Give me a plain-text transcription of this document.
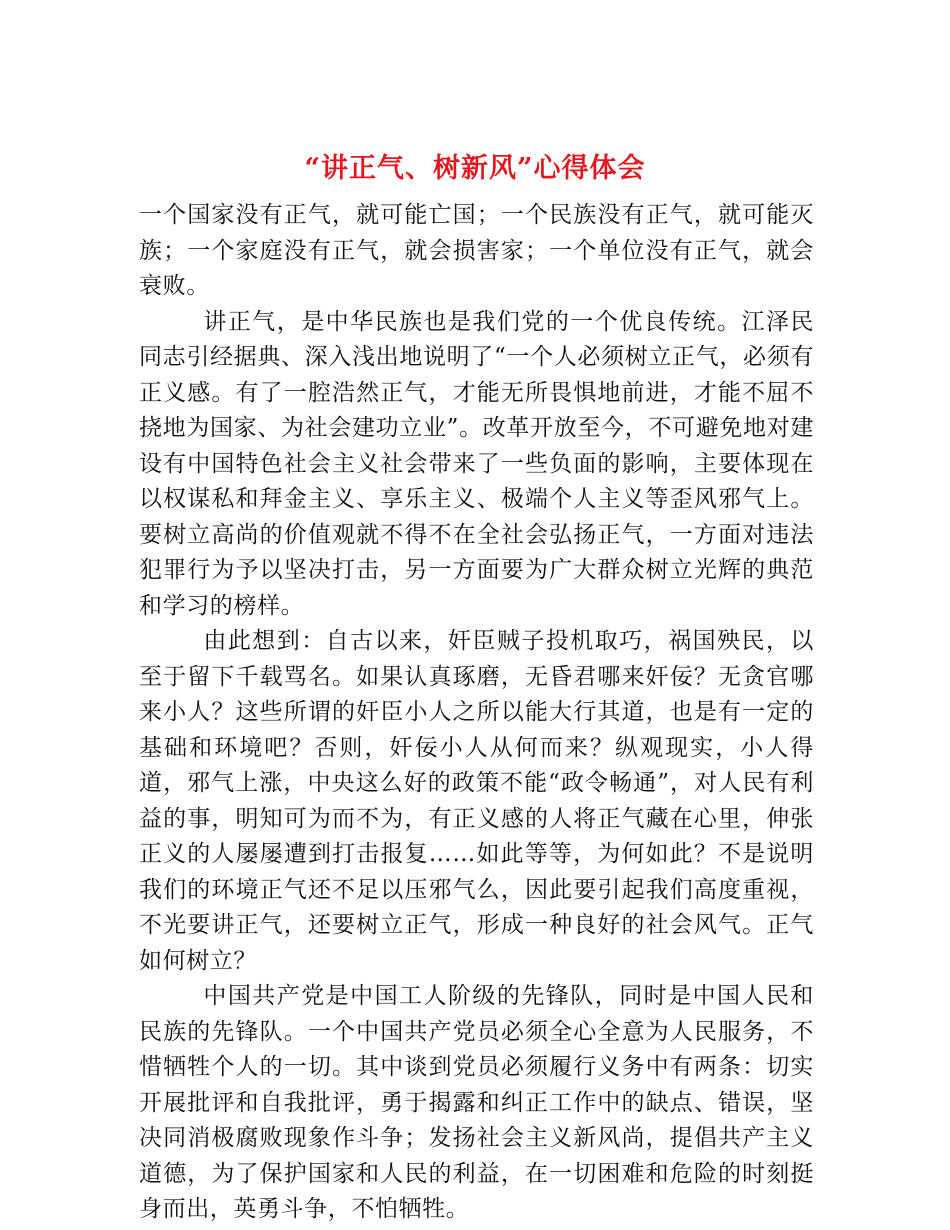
“讲正气、树新风”心得体会

一个国家没有正气，就可能亡国；一个民族没有正气，就可能灭族；一个家庭没有正气，就会损害家；一个单位没有正气，就会衰败。

讲正气，是中华民族也是我们党的一个优良传统。江泽民同志引经据典、深入浅出地说明了“一个人必须树立正气，必须有正义感。有了一腔浩然正气，才能无所畏惧地前进，才能不屈不挠地为国家、为社会建功立业”。改革开放至今，不可避免地对建设有中国特色社会主义社会带来了一些负面的影响，主要体现在以权谋私和拜金主义、享乐主义、极端个人主义等歪风邪气上。要树立高尚的价值观就不得不在全社会弘扬正气，一方面对违法犯罪行为予以坚决打击，另一方面要为广大群众树立光辉的典范和学习的榜样。

由此想到：自古以来，奸臣贼子投机取巧，祸国殃民，以至于留下千载骂名。如果认真琢磨，无昏君哪来奸佞？无贪官哪来小人？这些所谓的奸臣小人之所以能大行其道，也是有一定的基础和环境吧？否则，奸佞小人从何而来？纵观现实，小人得道，邪气上涨，中央这么好的政策不能“政令畅通”，对人民有利益的事，明知可为而不为，有正义感的人将正气藏在心里，伸张正义的人屡屡遭到打击报复……如此等等，为何如此？不是说明我们的环境正气还不足以压邪气么，因此要引起我们高度重视，不光要讲正气，还要树立正气，形成一种良好的社会风气。正气如何树立？

中国共产党是中国工人阶级的先锋队，同时是中国人民和民族的先锋队。一个中国共产党员必须全心全意为人民服务，不惜牺牲个人的一切。其中谈到党员必须履行义务中有两条：切实开展批评和自我批评，勇于揭露和纠正工作中的缺点、错误，坚决同消极腐败现象作斗争；发扬社会主义新风尚，提倡共产主义道德，为了保护国家和人民的利益，在一切困难和危险的时刻挺身而出，英勇斗争，不怕牺牲。
